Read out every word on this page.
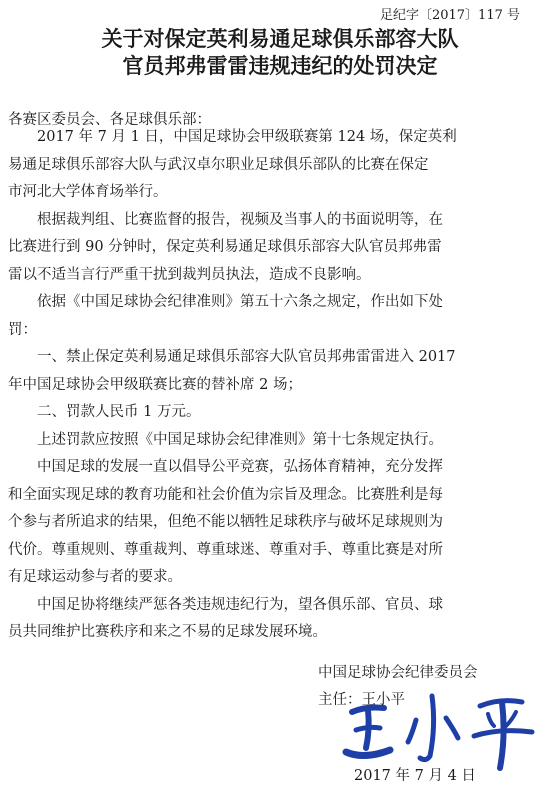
足纪字〔2017〕117 号
关于对保定英利易通足球俱乐部容大队
官员邦弗雷雷违规违纪的处罚决定
各赛区委员会、各足球俱乐部：
2017 年 7 月 1 日，中国足球协会甲级联赛第 124 场，保定英利
易通足球俱乐部容大队与武汉卓尔职业足球俱乐部队的比赛在保定
市河北大学体育场举行。
根据裁判组、比赛监督的报告，视频及当事人的书面说明等，在
比赛进行到 90 分钟时，保定英利易通足球俱乐部容大队官员邦弗雷
雷以不适当言行严重干扰到裁判员执法，造成不良影响。
依据《中国足球协会纪律准则》第五十六条之规定，作出如下处
罚：
一、禁止保定英利易通足球俱乐部容大队官员邦弗雷雷进入 2017
年中国足球协会甲级联赛比赛的替补席 2 场；
二、罚款人民币 1 万元。
上述罚款应按照《中国足球协会纪律准则》第十七条规定执行。
中国足球的发展一直以倡导公平竞赛，弘扬体育精神，充分发挥
和全面实现足球的教育功能和社会价值为宗旨及理念。比赛胜利是每
个参与者所追求的结果，但绝不能以牺牲足球秩序与破坏足球规则为
代价。尊重规则、尊重裁判、尊重球迷、尊重对手、尊重比赛是对所
有足球运动参与者的要求。
中国足协将继续严惩各类违规违纪行为，望各俱乐部、官员、球
员共同维护比赛秩序和来之不易的足球发展环境。
中国足球协会纪律委员会
主任：王小平
2017 年 7 月 4 日
